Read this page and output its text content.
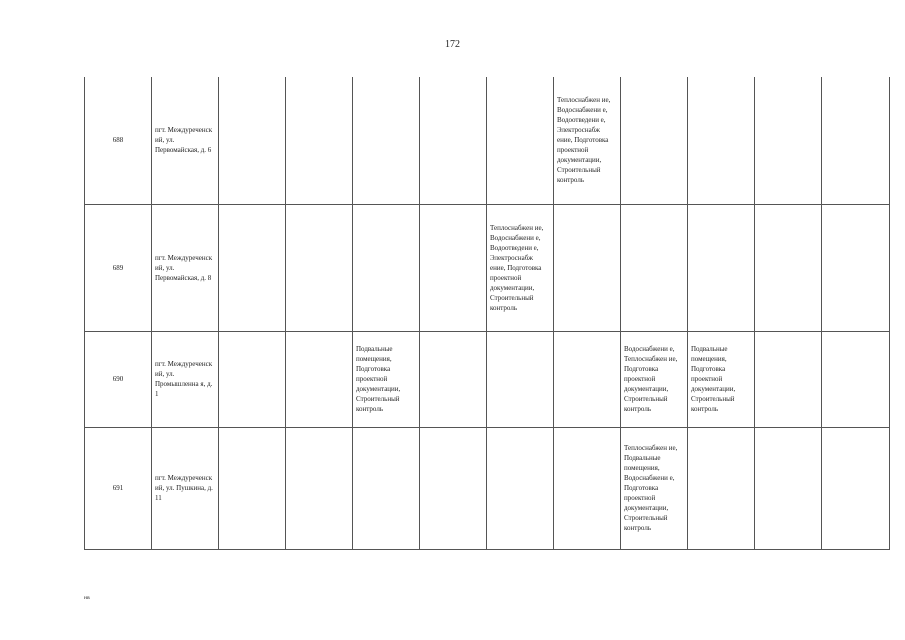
172
688	пгт. Междуреченск ий, ул. Первомайская, д. 6						Теплоснабжен ие, Водоснабжени е, Водоотведени е, Электроснабж ение, Подготовка проектной документации, Строительный контроль				

689	пгт. Междуреченск ий, ул. Первомайская, д. 8					Теплоснабжен ие, Водоснабжени е, Водоотведени е, Электроснабж ение, Подготовка проектной документации, Строительный контроль					

690	пгт. Междуреченск ий, ул. Промышленна я, д. 1			Подвальные помещения, Подготовка проектной документации, Строительный контроль				Водоснабжени е, Теплоснабжен ие, Подготовка проектной документации, Строительный контроль	Подвальные помещения, Подготовка проектной документации, Строительный контроль		

691	пгт. Междуреченск ий, ул. Пушкина, д. 11							Теплоснабжен ие, Подвальные помещения, Водоснабжени е, Подготовка проектной документации, Строительный контроль			

нв
